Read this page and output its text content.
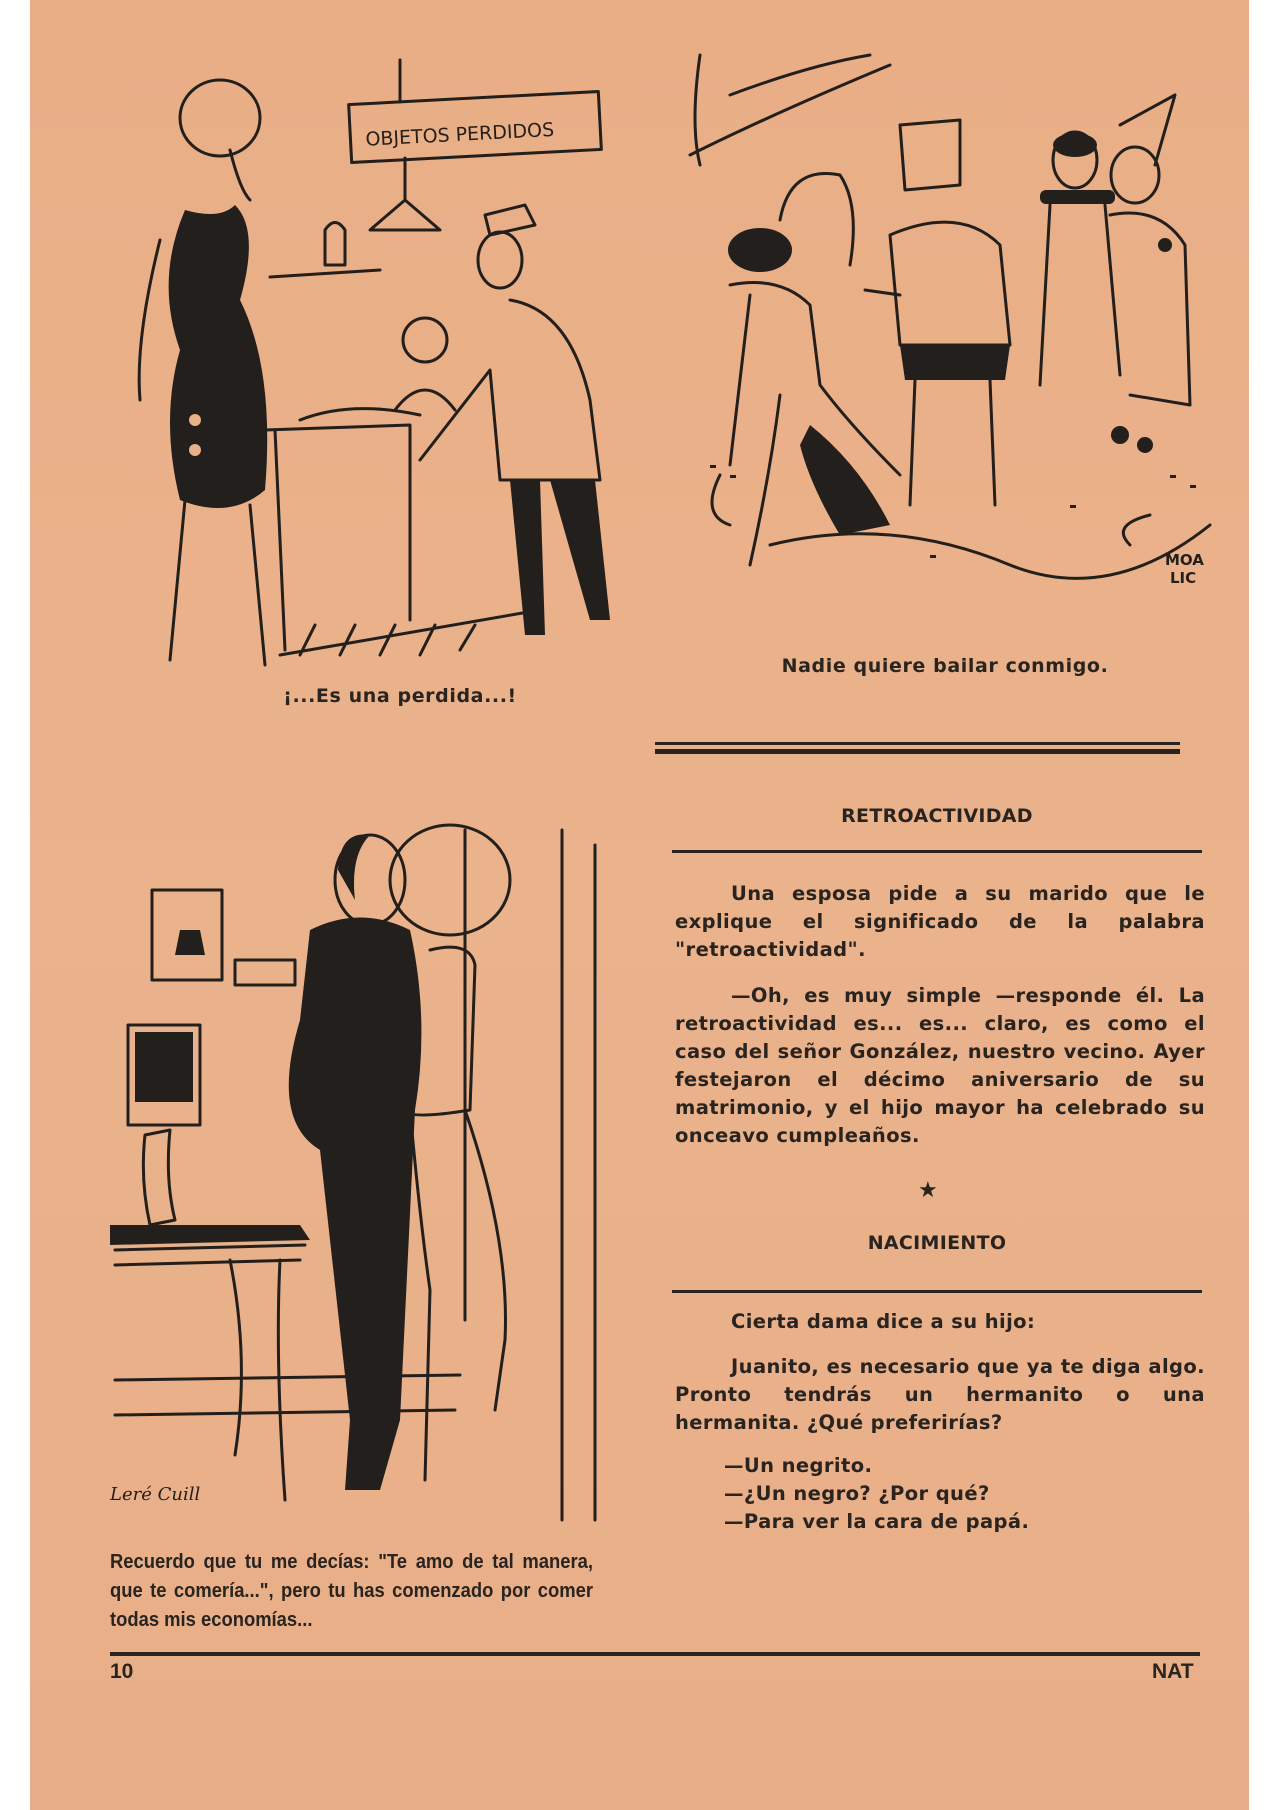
OBJETOS PERDIDOS
¡...Es una perdida...!
MOA
LIC
Nadie quiere bailar conmigo.
RETROACTIVIDAD

Una esposa pide a su marido que le explique el significado de la palabra "retroactividad".

—Oh, es muy simple —responde él. La retroactividad es... es... claro, es como el caso del señor González, nuestro vecino. Ayer festejaron el décimo aniversario de su matrimonio, y el hijo mayor ha celebrado su onceavo cumpleaños.

★
NACIMIENTO

Cierta dama dice a su hijo:

Juanito, es necesario que ya te diga algo. Pronto tendrás un hermanito o una hermanita. ¿Qué preferirías?

—Un negrito.
—¿Un negro? ¿Por qué?
—Para ver la cara de papá.
Leré Cuill
Recuerdo que tu me decías: "Te amo de tal manera, que te comería...", pero tu has comenzado por comer todas mis economías...
10	NAT
